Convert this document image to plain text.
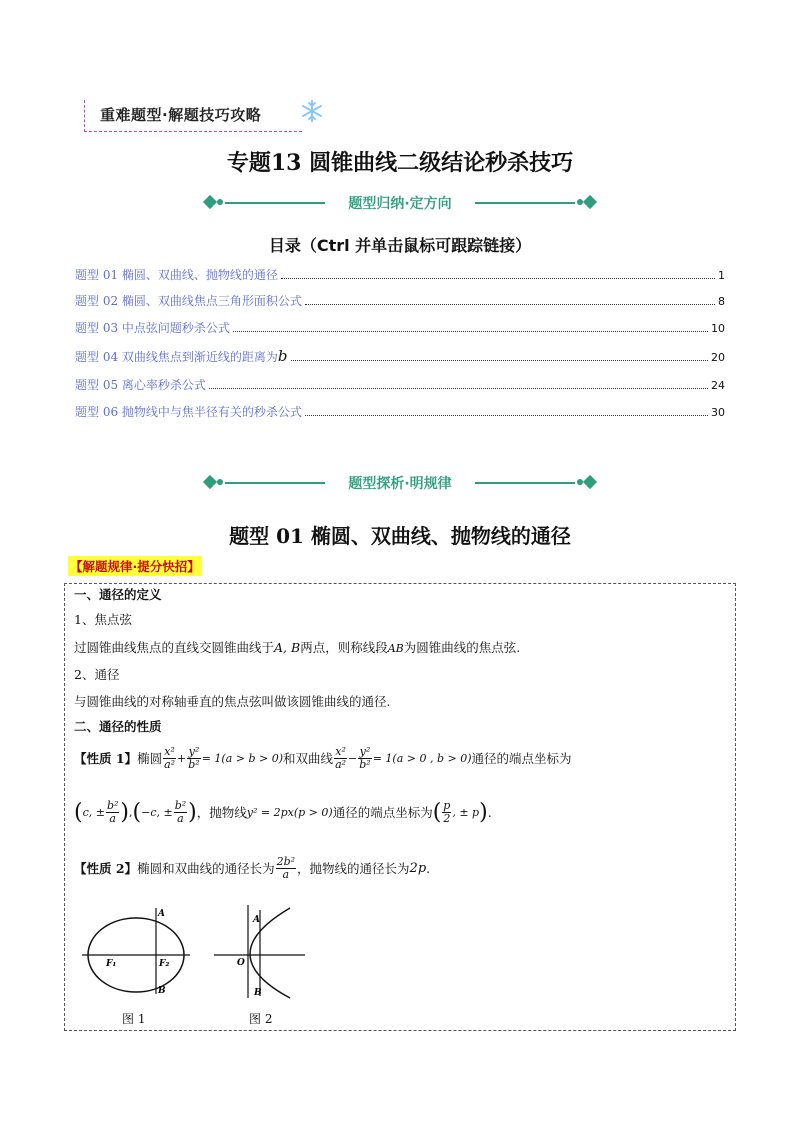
重难题型·解题技巧攻略
专题13 圆锥曲线二级结论秒杀技巧
题型归纳·定方向
目录（Ctrl 并单击鼠标可跟踪链接）
题型 01 椭圆、双曲线、抛物线的通径	1
题型 02 椭圆、双曲线焦点三角形面积公式	8
题型 03 中点弦问题秒杀公式	10
题型 04 双曲线焦点到渐近线的距离为 b	20
题型 05 离心率秒杀公式	24
题型 06 抛物线中与焦半径有关的秒杀公式	30
题型探析·明规律
题型 01 椭圆、双曲线、抛物线的通径
【解题规律·提分快招】
一、通径的定义
1、焦点弦
过圆锥曲线焦点的直线交圆锥曲线于A, B两点，则称线段AB为圆锥曲线的焦点弦.
2、通径
与圆锥曲线的对称轴垂直的焦点弦叫做该圆锥曲线的通径.
二、通径的性质
【性质 1】 椭圆 $\frac{\text{x²}}{\text{a²}} + \frac{\text{y²}}{\text{b²}} = 1(a > b > 0)$ 和双曲线 $\frac{\text{x²}}{\text{a²}} - \frac{\text{y²}}{\text{b²}} = 1(a > 0$ , b > 0) 通径的端点坐标为
( c, ± $\frac{\text{b²}}{a}$ ) , ( −c, ± $\frac{\text{b²}}{a}$ ) ，抛物线 y² = 2px(p > 0) 通径的端点坐标为 ( $\frac{p}{2}$ , ± p ) .
【性质 2】 椭圆和双曲线的通径长为 $\frac{\text{2b²}}{a}$ ，抛物线的通径长为 2p .
A
B
F₁	F₂
图 1
A
B
O
图 2
